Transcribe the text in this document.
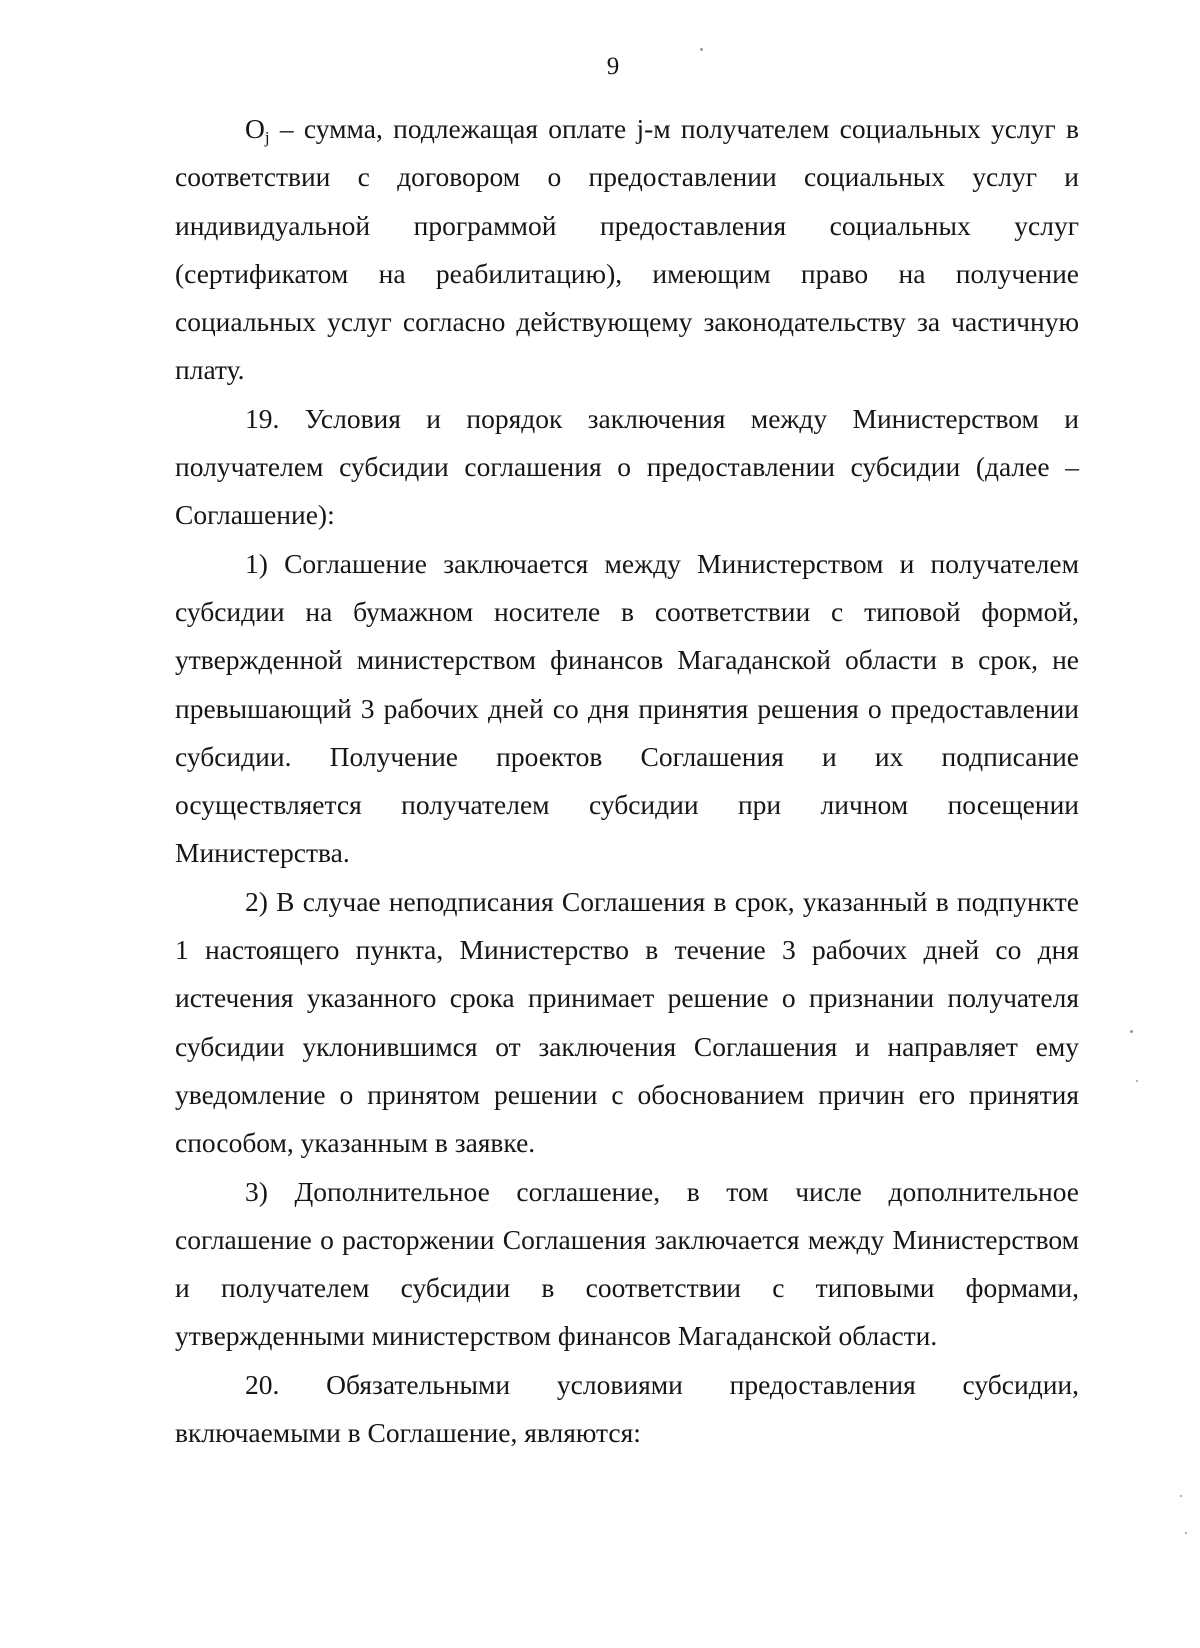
9

$O_j$ – сумма, подлежащая оплате j-м получателем социальных услуг в соответствии с договором о предоставлении социальных услуг и индивидуальной программой предоставления социальных услуг (сертификатом на реабилитацию), имеющим право на получение социальных услуг согласно действующему законодательству за частичную плату.

19. Условия и порядок заключения между Министерством и получателем субсидии соглашения о предоставлении субсидии (далее – Соглашение):

1) Соглашение заключается между Министерством и получателем субсидии на бумажном носителе в соответствии с типовой формой, утвержденной министерством финансов Магаданской области в срок, не превышающий 3 рабочих дней со дня принятия решения о предоставлении субсидии. Получение проектов Соглашения и их подписание осуществляется получателем субсидии при личном посещении Министерства.

2) В случае неподписания Соглашения в срок, указанный в подпункте 1 настоящего пункта, Министерство в течение 3 рабочих дней со дня истечения указанного срока принимает решение о признании получателя субсидии уклонившимся от заключения Соглашения и направляет ему уведомление о принятом решении с обоснованием причин его принятия способом, указанным в заявке.

3) Дополнительное соглашение, в том числе дополнительное соглашение о расторжении Соглашения заключается между Министерством и получателем субсидии в соответствии с типовыми формами, утвержденными министерством финансов Магаданской области.

20. Обязательными условиями предоставления субсидии, включаемыми в Соглашение, являются:
